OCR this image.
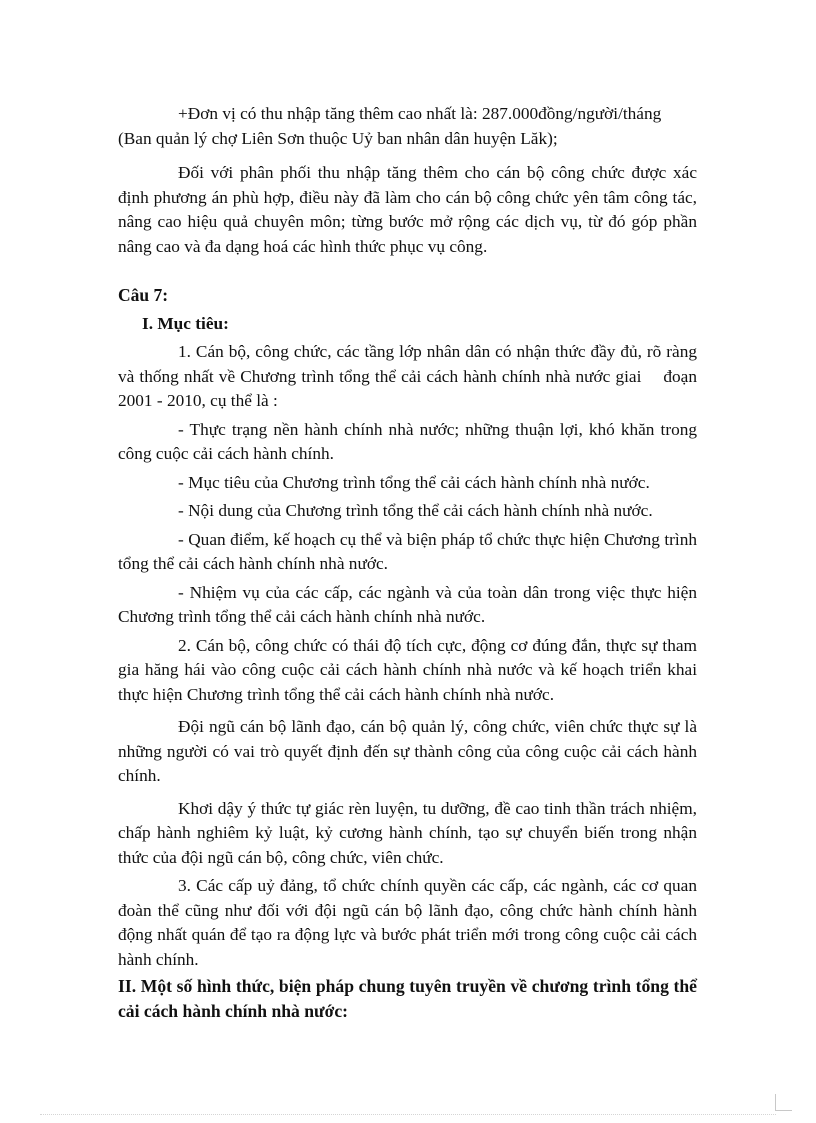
+Đơn vị có thu nhập tăng thêm cao nhất là: 287.000đồng/người/tháng

(Ban quản lý chợ Liên Sơn thuộc Uỷ ban nhân dân huyện Lăk);

Đối với phân phối thu nhập tăng thêm cho cán bộ công chức được xác định phương án phù hợp, điều này đã làm cho cán bộ công chức yên tâm công tác, nâng cao hiệu quả chuyên môn; từng bước mở rộng các dịch vụ, từ đó góp phần nâng cao và đa dạng hoá các hình thức phục vụ công.

Câu 7:

I. Mục tiêu:

1. Cán bộ, công chức, các tầng lớp nhân dân có nhận thức đầy đủ, rõ ràng và thống nhất về Chương trình tổng thể cải cách hành chính nhà nước giai đoạn 2001 - 2010, cụ thể là :

- Thực trạng nền hành chính nhà nước; những thuận lợi, khó khăn trong công cuộc cải cách hành chính.

- Mục tiêu của Chương trình tổng thể cải cách hành chính nhà nước.

- Nội dung của Chương trình tổng thể cải cách hành chính nhà nước.

- Quan điểm, kế hoạch cụ thể và biện pháp tổ chức thực hiện Chương trình tổng thể cải cách hành chính nhà nước.

- Nhiệm vụ của các cấp, các ngành và của toàn dân trong việc thực hiện Chương trình tổng thể cải cách hành chính nhà nước.

2. Cán bộ, công chức có thái độ tích cực, động cơ đúng đắn, thực sự tham gia hăng hái vào công cuộc cải cách hành chính nhà nước và kế hoạch triển khai thực hiện Chương trình tổng thể cải cách hành chính nhà nước.

Đội ngũ cán bộ lãnh đạo, cán bộ quản lý, công chức, viên chức thực sự là những người có vai trò quyết định đến sự thành công của công cuộc cải cách hành chính.

Khơi dậy ý thức tự giác rèn luyện, tu dưỡng, đề cao tinh thần trách nhiệm, chấp hành nghiêm kỷ luật, kỷ cương hành chính, tạo sự chuyển biến trong nhận thức của đội ngũ cán bộ, công chức, viên chức.

3. Các cấp uỷ đảng, tổ chức chính quyền các cấp, các ngành, các cơ quan đoàn thể cũng như đối với đội ngũ cán bộ lãnh đạo, công chức hành chính hành động nhất quán để tạo ra động lực và bước phát triển mới trong công cuộc cải cách hành chính.

II. Một số hình thức, biện pháp chung tuyên truyền về chương trình tổng thể cải cách hành chính nhà nước:
